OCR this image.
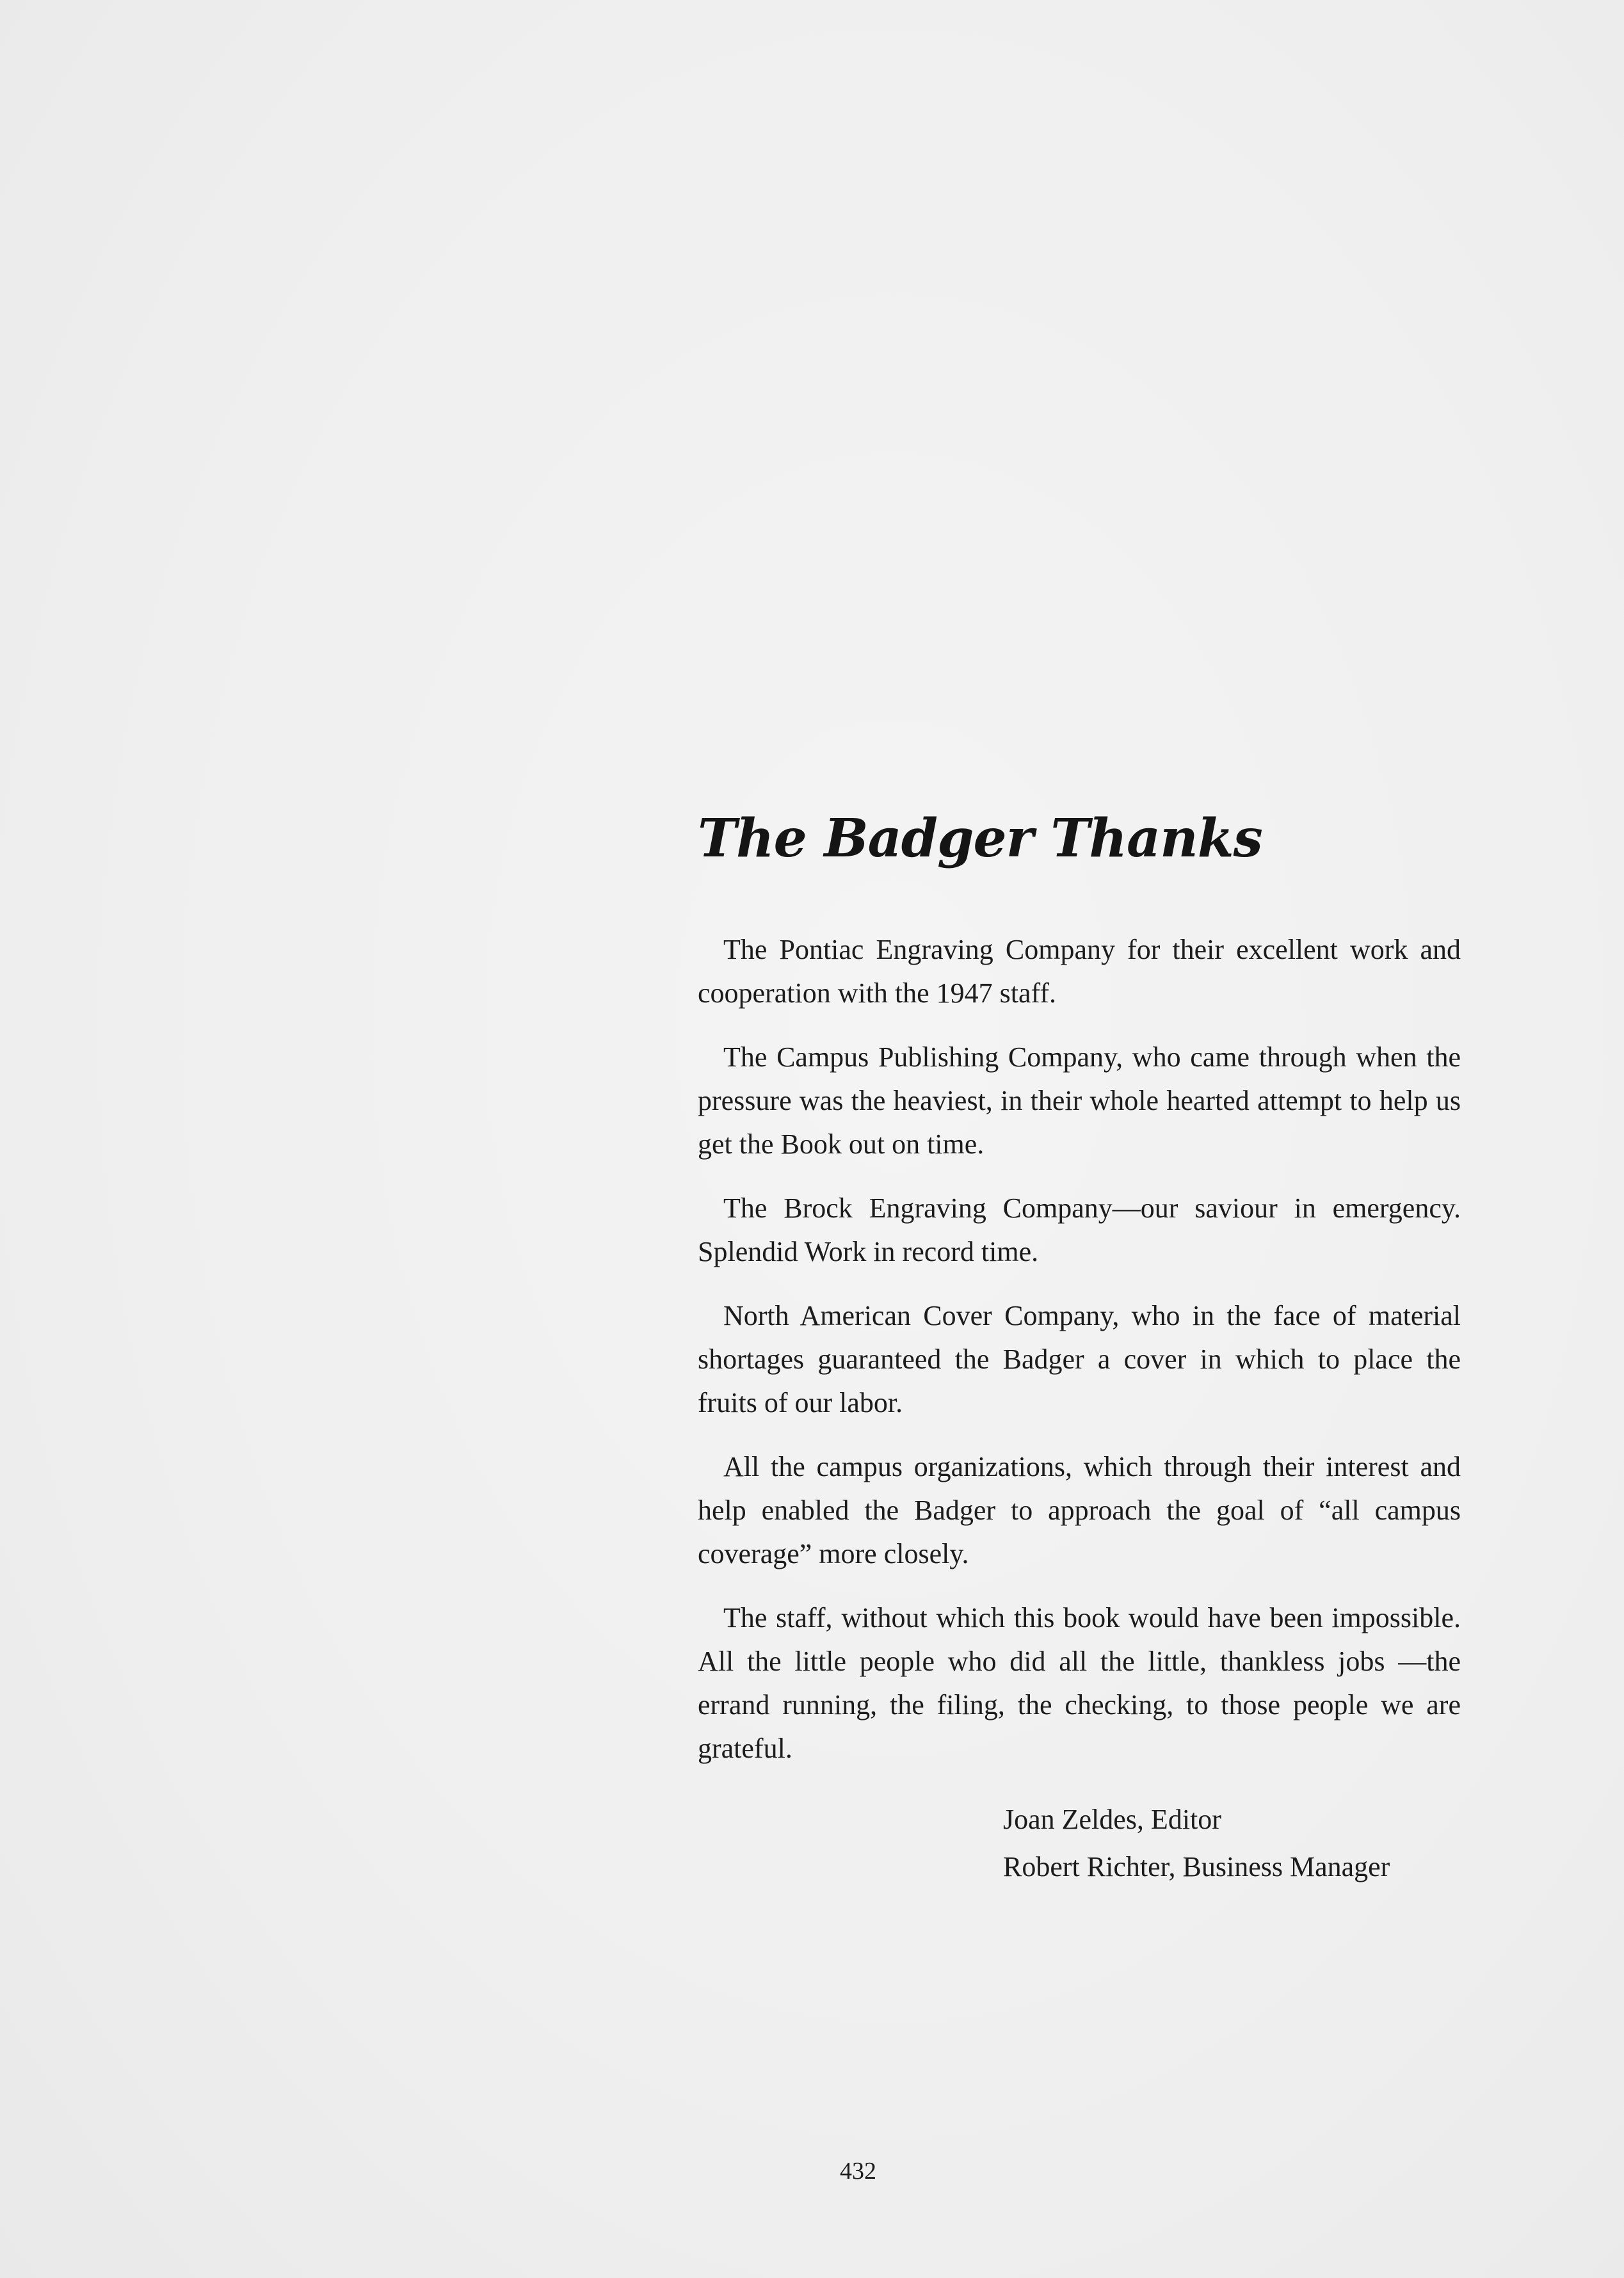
The Badger Thanks

The Pontiac Engraving Company for their excellent work and cooperation with the 1947 staff.

The Campus Publishing Company, who came through when the pressure was the heaviest, in their whole hearted attempt to help us get the Book out on time.

The Brock Engraving Company—our saviour in emergency. Splendid Work in record time.

North American Cover Company, who in the face of material shortages guaranteed the Badger a cover in which to place the fruits of our labor.

All the campus organizations, which through their interest and help enabled the Badger to approach the goal of “all campus coverage” more closely.

The staff, without which this book would have been impossible. All the little people who did all the little, thankless jobs —the errand running, the filing, the checking, to those people we are grateful.

Joan Zeldes, Editor

Robert Richter, Business Manager

432
